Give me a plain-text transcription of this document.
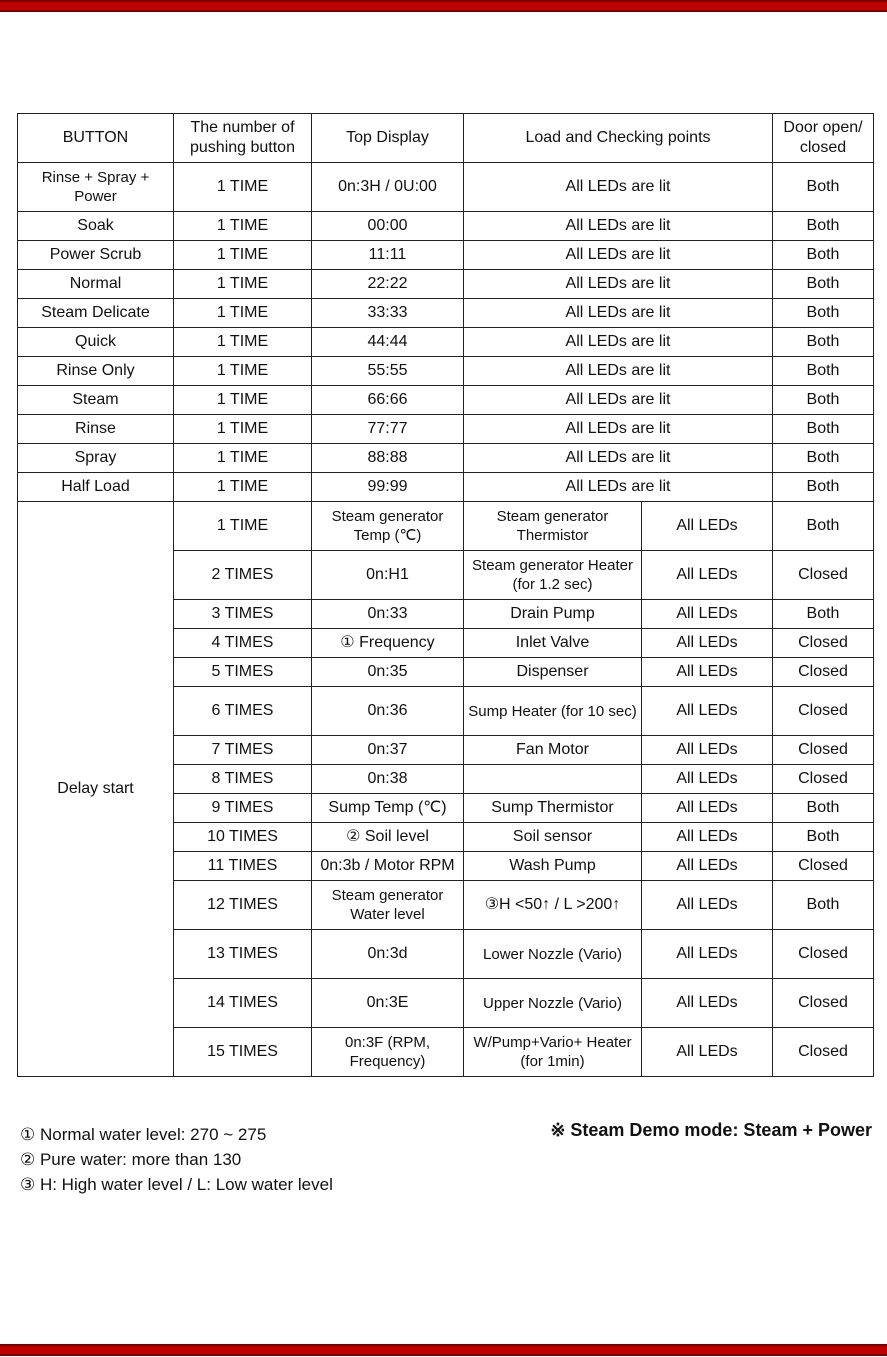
BUTTON	The number of pushing button	Top Display	Load and Checking points		Door open/ closed
Rinse + Spray + Power	1 TIME	0n:3H / 0U:00	All LEDs are lit		Both
Soak	1 TIME	00:00	All LEDs are lit		Both
Power Scrub	1 TIME	11:11	All LEDs are lit		Both
Normal	1 TIME	22:22	All LEDs are lit		Both
Steam Delicate	1 TIME	33:33	All LEDs are lit		Both
Quick	1 TIME	44:44	All LEDs are lit		Both
Rinse Only	1 TIME	55:55	All LEDs are lit		Both
Steam	1 TIME	66:66	All LEDs are lit		Both
Rinse	1 TIME	77:77	All LEDs are lit		Both
Spray	1 TIME	88:88	All LEDs are lit		Both
Half Load	1 TIME	99:99	All LEDs are lit		Both
Delay start	1 TIME	Steam generator Temp (℃)	Steam generator Thermistor	All LEDs	Both
	2 TIMES	0n:H1	Steam generator Heater (for 1.2 sec)	All LEDs	Closed
	3 TIMES	0n:33	Drain Pump	All LEDs	Both
	4 TIMES	① Frequency	Inlet Valve	All LEDs	Closed
	5 TIMES	0n:35	Dispenser	All LEDs	Closed
	6 TIMES	0n:36	Sump Heater (for 10 sec)	All LEDs	Closed
	7 TIMES	0n:37	Fan Motor	All LEDs	Closed
	8 TIMES	0n:38		All LEDs	Closed
	9 TIMES	Sump Temp (℃)	Sump Thermistor	All LEDs	Both
	10 TIMES	② Soil level	Soil sensor	All LEDs	Both
	11 TIMES	0n:3b / Motor RPM	Wash Pump	All LEDs	Closed
	12 TIMES	Steam generator Water level	③H <50↑ / L >200↑	All LEDs	Both
	13 TIMES	0n:3d	Lower Nozzle (Vario)	All LEDs	Closed
	14 TIMES	0n:3E	Upper Nozzle (Vario)	All LEDs	Closed
	15 TIMES	0n:3F (RPM, Frequency)	W/Pump+Vario+ Heater (for 1min)	All LEDs	Closed
① Normal water level: 270 ~ 275
② Pure water: more than 130
③ H: High water level / L: Low water level
※ Steam Demo mode: Steam + Power
